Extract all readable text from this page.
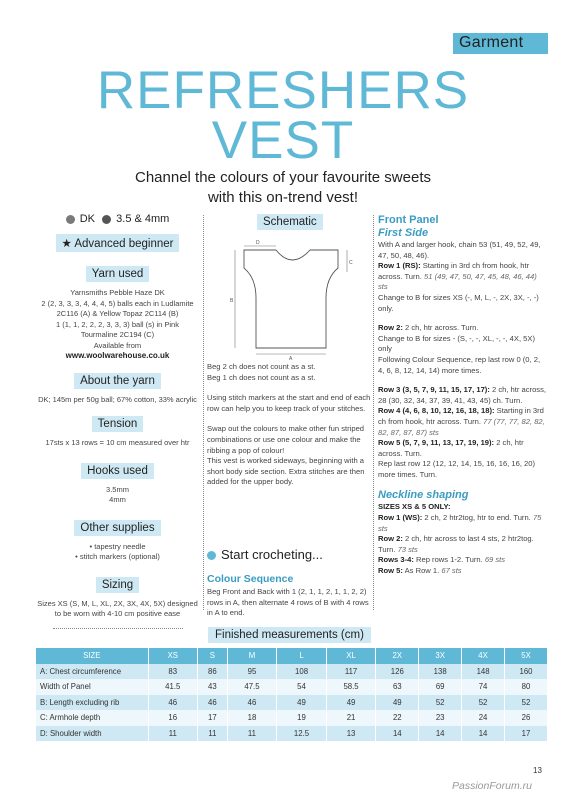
Garment
REFRESHERS
VEST
Channel the colours of your favourite sweets
with this on-trend vest!
DK 3.5 & 4mm
★ Advanced beginner
Yarn used
Yarnsmiths Pebble Haze DK
2 (2, 3, 3, 3, 4, 4, 4, 5) balls each in Ludlamite
2C116 (A) & Yellow Topaz 2C114 (B)
1 (1, 1, 2, 2, 2, 3, 3, 3) ball (s) in Pink
Tourmaline 2C194 (C)
Available from
www.woolwarehouse.co.uk
About the yarn
DK; 145m per 50g ball; 67% cotton, 33% acrylic
Tension
17sts x 13 rows = 10 cm measured over htr
Hooks used
3.5mm
4mm
Other supplies
• tapestry needle
• stitch markers (optional)
Sizing
Sizes XS (S, M, L, XL, 2X, 3X, 4X, 5X) designed to be worn with 4-10 cm positive ease
Schematic
D
B
A
C

Beg 2 ch does not count as a st.
Beg 1 ch does not count as a st.

Using stitch markers at the start and end of each row can help you to keep track of your stitches.

Swap out the colours to make other fun striped combinations or use one colour and make the ribbing a pop of colour!
This vest is worked sideways, beginning with a short body side section. Extra stitches are then added for the upper body.

Start crocheting...
Colour Sequence
Beg Front and Back with 1 (2, 1, 1, 2, 1, 1, 2, 2) rows in A, then alternate 4 rows of B with 4 rows in A to end.
Front Panel
First Side

With A and larger hook, chain 53 (51, 49, 52, 49, 47, 50, 48, 46).

Row 1 (RS): Starting in 3rd ch from hook, htr across. Turn. 51 (49, 47, 50, 47, 45, 48, 46, 44) sts

Change to B for sizes XS (-, M, L, -, 2X, 3X, -, -) only.

Row 2: 2 ch, htr across. Turn.

Change to B for sizes - (S, -, -, XL, -, -, 4X, 5X) only

Following Colour Sequence, rep last row 0 (0, 2, 4, 6, 8, 12, 14, 14) more times.

Row 3 (3, 5, 7, 9, 11, 15, 17, 17): 2 ch, htr across, 28 (30, 32, 34, 37, 39, 41, 43, 45) ch. Turn.

Row 4 (4, 6, 8, 10, 12, 16, 18, 18): Starting in 3rd ch from hook, htr across. Turn. 77 (77, 77, 82, 82, 82, 87, 87, 87) sts

Row 5 (5, 7, 9, 11, 13, 17, 19, 19): 2 ch, htr across. Turn.

Rep last row 12 (12, 12, 14, 15, 16, 16, 16, 20) more times. Turn.

Neckline shaping

SIZES XS & 5 ONLY:

Row 1 (WS): 2 ch, 2 htr2tog, htr to end. Turn. 75 sts

Row 2: 2 ch, htr across to last 4 sts, 2 htr2tog. Turn. 73 sts

Rows 3-4: Rep rows 1-2. Turn. 69 sts

Row 5: As Row 1. 67 sts

Finished measurements (cm)
SIZE	XS	S	M	L	XL	2X	3X	4X	5X
A: Chest circumference	83	86	95	108	117	126	138	148	160
Width of Panel	41.5	43	47.5	54	58.5	63	69	74	80
B: Length excluding rib	46	46	46	49	49	49	52	52	52
C: Armhole depth	16	17	18	19	21	22	23	24	26
D: Shoulder width	11	11	11	12.5	13	14	14	14	17
13
PassionForum.ru
